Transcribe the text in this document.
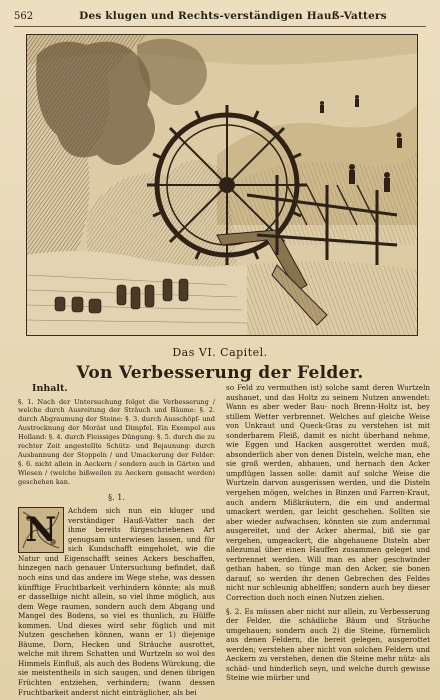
562	Des klugen und Rechts-verständigen Hauß-Vatters
Das VI. Capitel.
Von Verbesserung der Felder.
Inhalt.
§. 1. Nach der Untersuchung folget die Verbesserung / welche durch Ausreitung der Sträuch und Bäume: §. 2. durch Abgraumung der Steine: §. 3. durch Ausschöpf- und Austrocknung der Moräst und Dimpfel. Ein Exempel aus Holland: §. 4. durch Fleissiges Düngung: §. 5. durch die zu rechter Zeit angestellte Schütz- und Bejaunung: durch Ausbannung der Stoppeln / und Umackerung der Felder: §. 6. nicht allein in Aeckern / sondern auch in Gärten und Wiesen / (welche bißweilen zu Aeckern gemacht werden) geschehen kan.
§. 1.
N	Achdem sich nun ein kluger und verständiger Hauß-Vatter nach der ihme bereits fürgeschriebenen Art genugsam unterwiesen lassen, und für sich Kundschafft eingeholet, wie die Natur und Eigenschafft seines Ackers beschaffen, hinzegen nach genauer Untersuchung befindet, daß noch eins und das andere im Wege stehe, was dessen künfftige Fruchtbarkeit verhindern könnte; als muß er dasselbige nicht allein, so viel ihme möglich, aus dem Wege raumen, sondern auch dem Abgang und Mangel des Bodens, so viel es thunlich, zu Hülffe kommen. Und dieses wird sehr füglich und mit Nutzen geschehen können, wann er 1) diejenige Bäume, Dorn, Hecken und Sträuche ausrottet, welche mit ihrem Schatten und Wurtzeln so wol des Himmels Einfluß, als auch des Bodens Würckung, die sie meistentheils in sich saugen, und denen übrigen Früchten entziehen, verhindern; (wann dessen Fruchtbarkeit anderst nicht einträglicher, als bei
so Feld zu vermuthen ist) solche samt deren Wurtzeln aushauet, und das Holtz zu seinem Nutzen anwendet: Wann es aber weder Bau- noch Brenn-Holtz ist, bey stillem Wetter verbrennet. Welches auf gleiche Weise von Unkraut und Queck-Gras zu verstehen ist mit sonderbarem Fleiß, damit es nicht überhand nehme, wie Eggen und Hacken ausgerottet werden muß, absonderlich aber von denen Disteln, welche man, ehe sie groß werden, abhauen, und hernach den Acker umpflügen lassen solle: damit auf solche Weise die Wurtzeln darvon ausgerissen werden, und die Disteln vergehen mögen, welches in Binzen und Farren-Kraut, auch andern Mißkräutern, die ein und andermal umackert werden, gar leicht geschehen. Sollten sie aber wieder aufwachsen, könnten sie zum andernmal ausgereitet, und der Acker abermal, biß sie gar vergehen, umgeackert, die abgehauene Disteln aber allezumal über einen Hauffen zusammen geleget und verbrennet werden. Will man es aber geschwinder gethan haben, so tünge man den Acker, sie bonen darauf, so werden ihr denen Gebrechen des Feldes nicht nur schleunig abhelffen; sondern auch bey dieser Correction doch noch einen Nutzen ziehen.
§. 2. Es müssen aber nicht nur allein, zu Verbesserung der Felder, die schädliche Bäum und Sträuche umgehauen; sondern auch 2) die Steine, fürnemlich aus denen Feldern, die bereit gelegen, ausgerottet werden; verstehen aber nicht von solchen Feldern und Aeckern zu verstehen, denen die Steine mehr nütz- als schäd- und hinderlich seyn, und welche durch gewisse Steine wie mürber und
